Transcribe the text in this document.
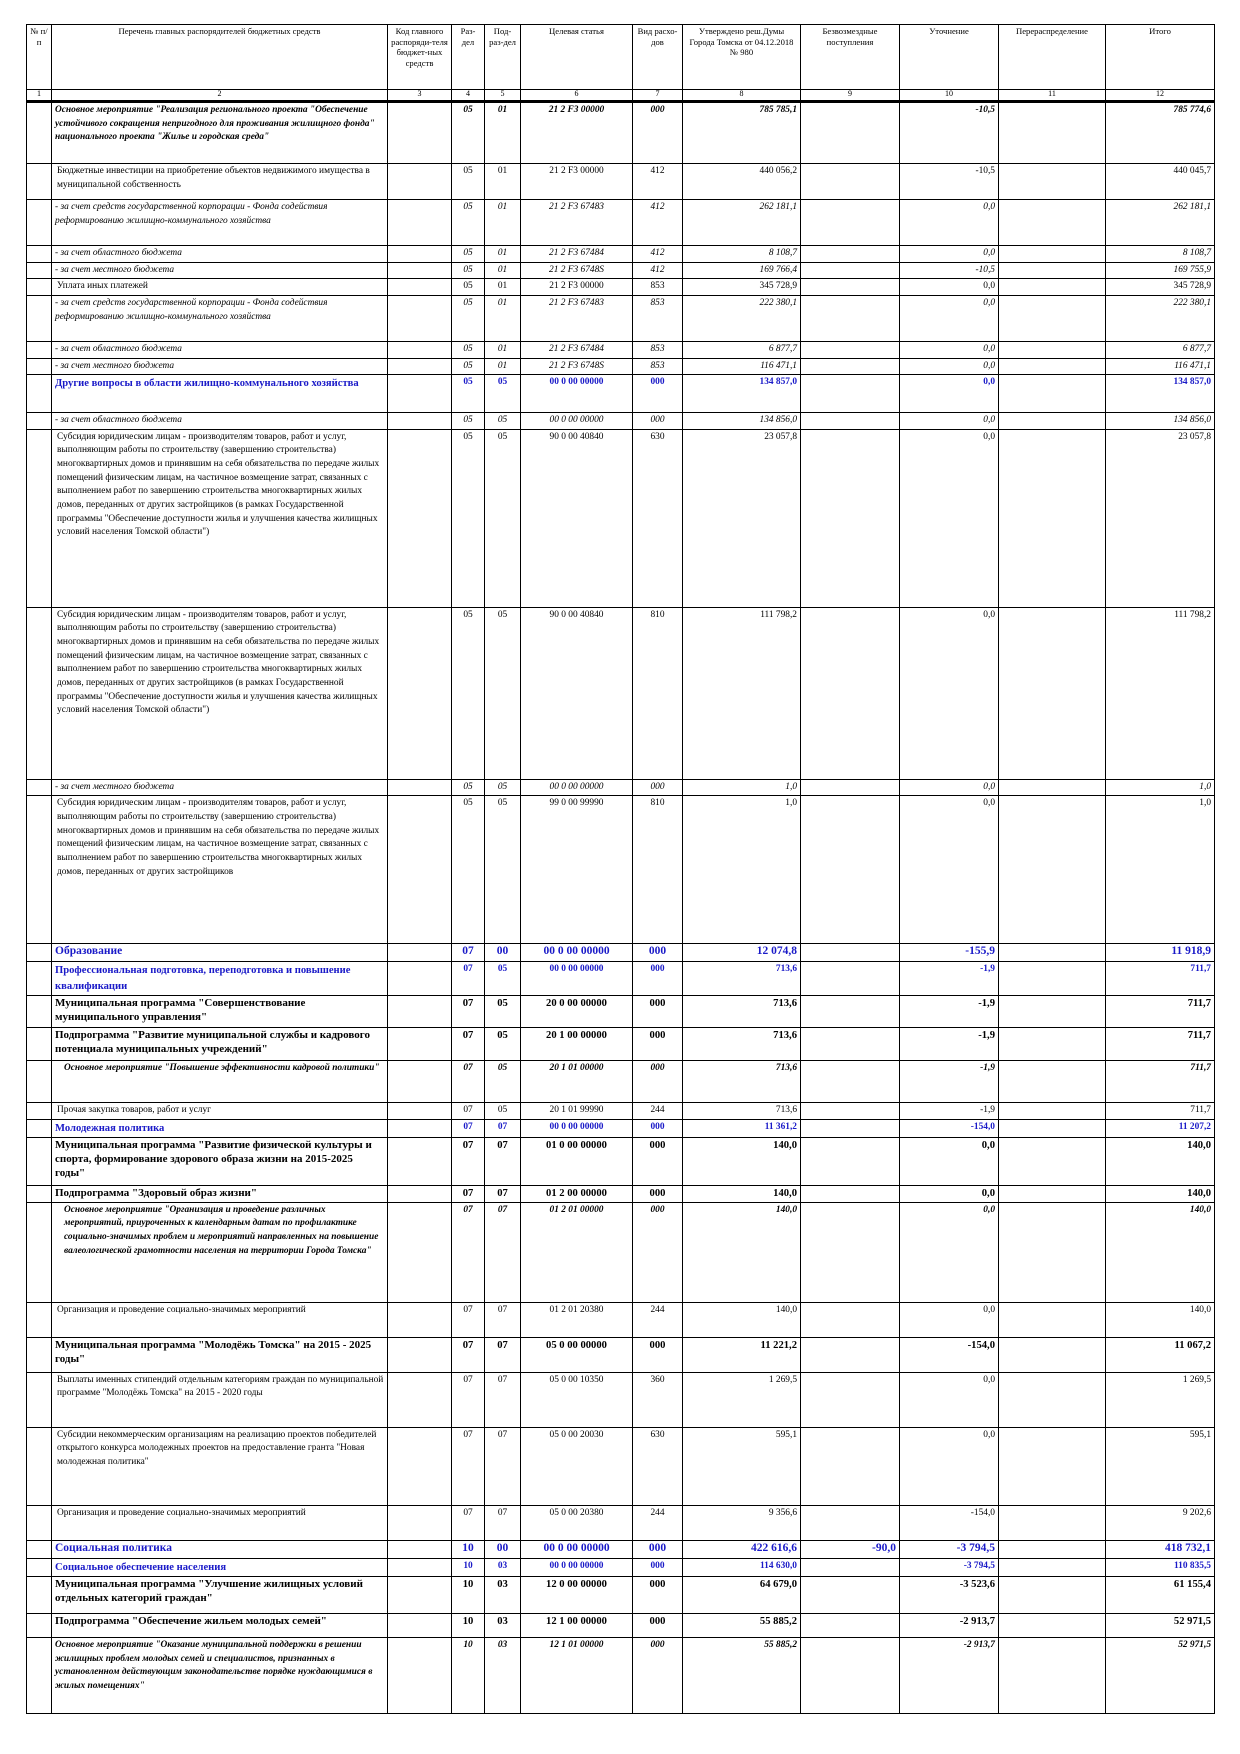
№ п/п	Перечень главных распорядителей бюджетных средств	Код главного распоряди-теля бюджет-ных средств	Раз-дел	Под-раз-дел	Целевая статья	Вид расхо-дов	Утверждено реш.Думы Города Томска от 04.12.2018 № 980	Безвозмездные поступления	Уточнение	Перераспределение	Итого
1	2	3	4	5	6	7	8	9	10	11	12
	Основное мероприятие "Реализация регионального проекта "Обеспечение устойчивого сокращения непригодного для проживания жилищного фонда" национального проекта "Жилье и городская среда"		05	01	21 2 F3 00000	000	785 785,1		-10,5		785 774,6
	Бюджетные инвестиции на приобретение объектов недвижимого имущества в муниципальной собственность		05	01	21 2 F3 00000	412	440 056,2		-10,5		440 045,7
	- за счет средств государственной корпорации - Фонда содействия реформированию жилищно-коммунального хозяйства		05	01	21 2 F3 67483	412	262 181,1		0,0		262 181,1
	- за счет областного бюджета		05	01	21 2 F3 67484	412	8 108,7		0,0		8 108,7
	- за счет местного бюджета		05	01	21 2 F3 6748S	412	169 766,4		-10,5		169 755,9
	Уплата иных платежей		05	01	21 2 F3 00000	853	345 728,9		0,0		345 728,9
	- за счет средств государственной корпорации - Фонда содействия реформированию жилищно-коммунального хозяйства		05	01	21 2 F3 67483	853	222 380,1		0,0		222 380,1
	- за счет областного бюджета		05	01	21 2 F3 67484	853	6 877,7		0,0		6 877,7
	- за счет местного бюджета		05	01	21 2 F3 6748S	853	116 471,1		0,0		116 471,1
	Другие вопросы в области жилищно-коммунального хозяйства		05	05	00 0 00 00000	000	134 857,0		0,0		134 857,0
	- за счет областного бюджета		05	05	00 0 00 00000	000	134 856,0		0,0		134 856,0
	Субсидия юридическим лицам - производителям товаров, работ и услуг, выполняющим работы по строительству (завершению строительства) многоквартирных домов и принявшим на себя обязательства по передаче жилых помещений физическим лицам, на частичное возмещение затрат, связанных с выполнением работ по завершению строительства многоквартирных жилых домов, переданных от других застройщиков (в рамках Государственной программы "Обеспечение доступности жилья и улучшения качества жилищных условий населения Томской области")		05	05	90 0 00 40840	630	23 057,8		0,0		23 057,8
	Субсидия юридическим лицам - производителям товаров, работ и услуг, выполняющим работы по строительству (завершению строительства) многоквартирных домов и принявшим на себя обязательства по передаче жилых помещений физическим лицам, на частичное возмещение затрат, связанных с выполнением работ по завершению строительства многоквартирных жилых домов, переданных от других застройщиков (в рамках Государственной программы "Обеспечение доступности жилья и улучшения качества жилищных условий населения Томской области")		05	05	90 0 00 40840	810	111 798,2		0,0		111 798,2
	- за счет местного бюджета		05	05	00 0 00 00000	000	1,0		0,0		1,0
	Субсидия юридическим лицам - производителям товаров, работ и услуг, выполняющим работы по строительству (завершению строительства) многоквартирных домов и принявшим на себя обязательства по передаче жилых помещений физическим лицам, на частичное возмещение затрат, связанных с выполнением работ по завершению строительства многоквартирных жилых домов, переданных от других застройщиков		05	05	99 0 00 99990	810	1,0		0,0		1,0
	Образование		07	00	00 0 00 00000	000	12 074,8		-155,9		11 918,9
	Профессиональная подготовка, переподготовка и повышение квалификации		07	05	00 0 00 00000	000	713,6		-1,9		711,7
	Муниципальная программа "Совершенствование муниципального управления"		07	05	20 0 00 00000	000	713,6		-1,9		711,7
	Подпрограмма "Развитие муниципальной службы и кадрового потенциала муниципальных учреждений"		07	05	20 1 00 00000	000	713,6		-1,9		711,7
	Основное мероприятие "Повышение эффективности кадровой политики"		07	05	20 1 01 00000	000	713,6		-1,9		711,7
	Прочая закупка товаров, работ и услуг		07	05	20 1 01 99990	244	713,6		-1,9		711,7
	Молодежная политика		07	07	00 0 00 00000	000	11 361,2		-154,0		11 207,2
	Муниципальная программа "Развитие физической культуры и спорта, формирование здорового образа жизни на 2015-2025 годы"		07	07	01 0 00 00000	000	140,0		0,0		140,0
	Подпрограмма "Здоровый образ жизни"		07	07	01 2 00 00000	000	140,0		0,0		140,0
	Основное мероприятие "Организация и проведение различных мероприятий, приуроченных к календарным датам по профилактике социально-значимых проблем и мероприятий направленных на повышение валеологической грамотности населения на территории Города Томска"		07	07	01 2 01 00000	000	140,0		0,0		140,0
	Организация и проведение социально-значимых мероприятий		07	07	01 2 01 20380	244	140,0		0,0		140,0
	Муниципальная программа "Молодёжь Томска" на 2015 - 2025 годы"		07	07	05 0 00 00000	000	11 221,2		-154,0		11 067,2
	Выплаты именных стипендий отдельным категориям граждан по муниципальной программе "Молодёжь Томска" на 2015 - 2020 годы		07	07	05 0 00 10350	360	1 269,5		0,0		1 269,5
	Субсидии некоммерческим организациям на реализацию проектов победителей открытого конкурса молодежных проектов на предоставление гранта "Новая молодежная политика"		07	07	05 0 00 20030	630	595,1		0,0		595,1
	Организация и проведение социально-значимых мероприятий		07	07	05 0 00 20380	244	9 356,6		-154,0		9 202,6
	Социальная политика		10	00	00 0 00 00000	000	422 616,6	-90,0	-3 794,5		418 732,1
	Социальное обеспечение населения		10	03	00 0 00 00000	000	114 630,0		-3 794,5		110 835,5
	Муниципальная программа "Улучшение жилищных условий отдельных категорий граждан"		10	03	12 0 00 00000	000	64 679,0		-3 523,6		61 155,4
	Подпрограмма "Обеспечение жильем молодых семей"		10	03	12 1 00 00000	000	55 885,2		-2 913,7		52 971,5
	Основное мероприятие "Оказание муниципальной поддержки в решении жилищных проблем молодых семей и специалистов, признанных в установленном действующим законодательстве порядке нуждающимися в жилых помещениях"		10	03	12 1 01 00000	000	55 885,2		-2 913,7		52 971,5
